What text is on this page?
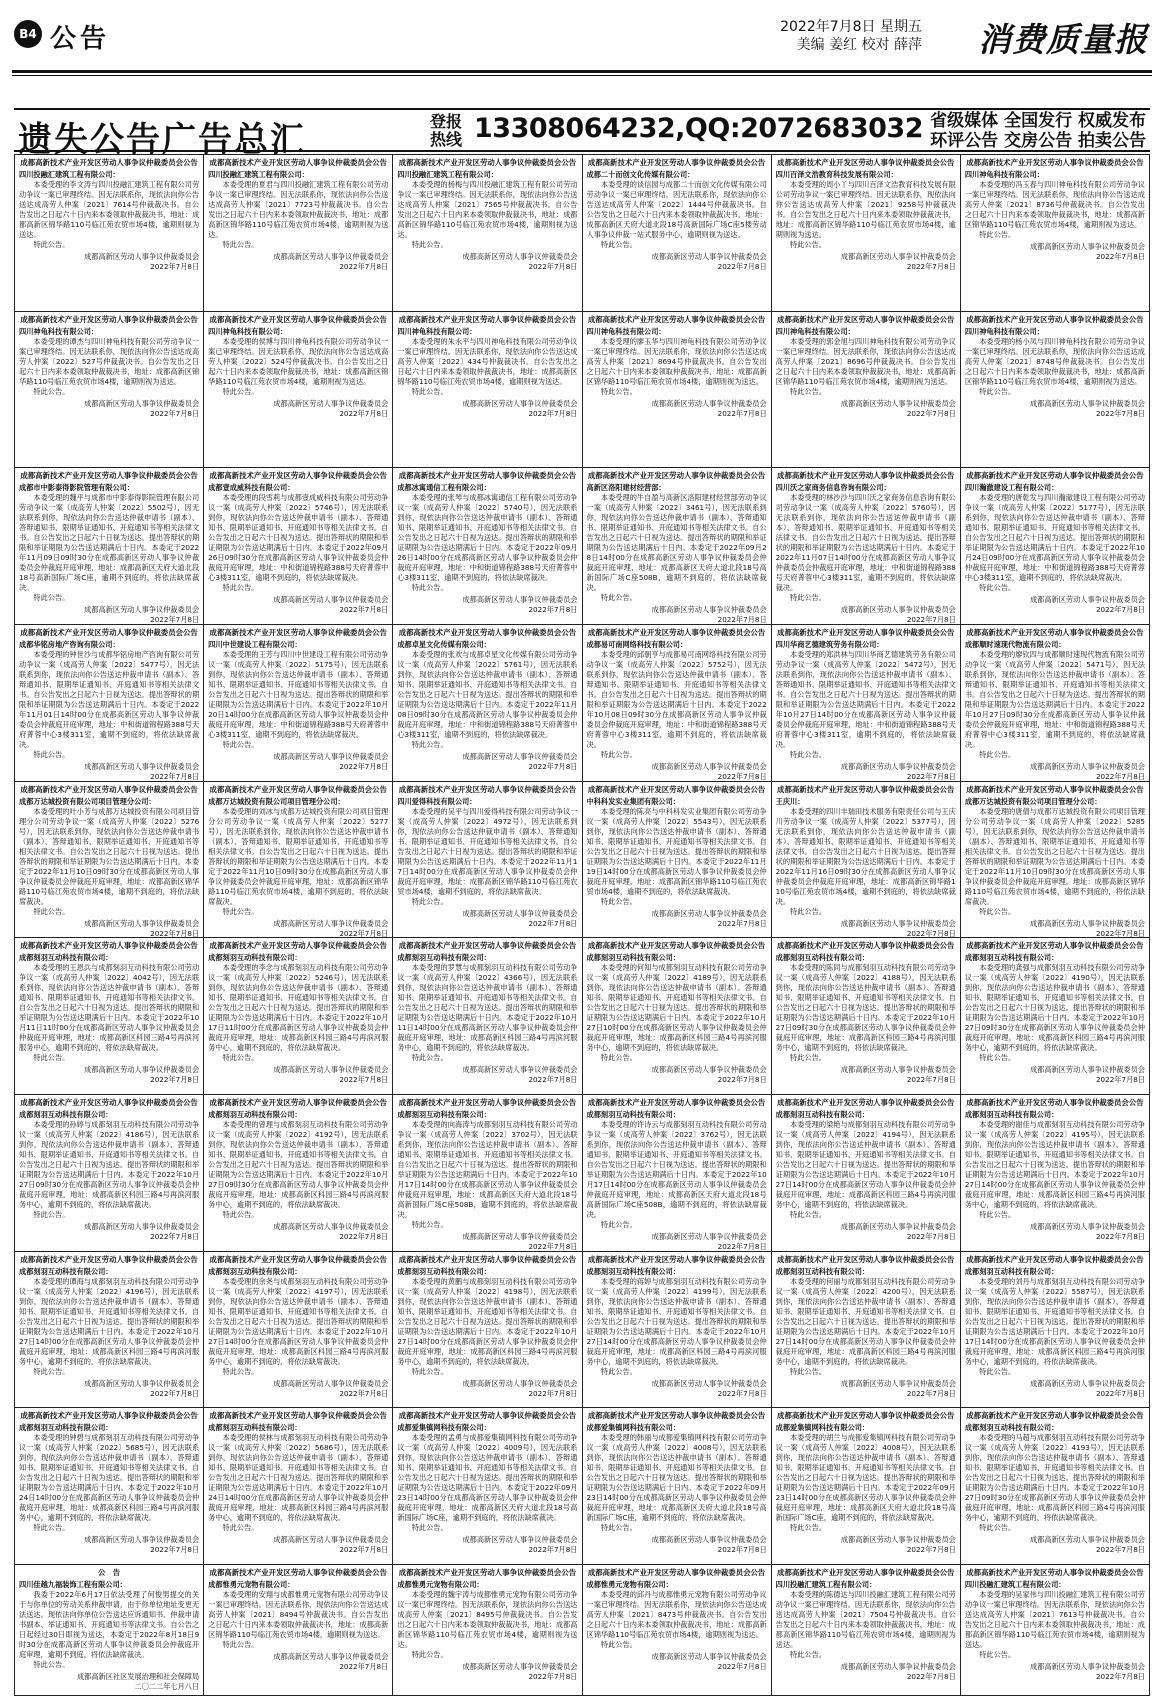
B4 公告	2022年7月8日 星期五
美编 姜红 校对 薛萍 消费质量报
遗失公告广告总汇	登报热线 13308064232,QQ:2072683032 省级媒体 全国发行 权威发布
环评公告 交房公告 拍卖公告
成都高新技术产业开发区劳动人事争议仲裁委员会公告
四川投融汇建筑工程有限公司：
本委受理的李文涛与四川投融汇建筑工程有限公司劳动争议一案已审理终结。因无法联系你，现依法向你公告送达成高劳人仲案〔2021〕7614号仲裁裁决书。自公告发出之日起六十日内来本委领取仲裁裁决书，地址：成都高新区锦华路110号临江苑农贸市场4楼，逾期则视为送达。
特此公告。
成都高新区劳动人事争议仲裁委员会
2022年7月8日
成都高新技术产业开发区劳动人事争议仲裁委员会公告
四川投融汇建筑工程有限公司：
本委受理的夏君与四川投融汇建筑工程有限公司劳动争议一案已审理终结。因无法联系你，现依法向你公告送达成高劳人仲案〔2021〕7723号仲裁裁决书。自公告发出之日起六十日内来本委领取仲裁裁决书，地址：成都高新区锦华路110号临江苑农贸市场4楼，逾期则视为送达。
特此公告。
成都高新区劳动人事争议仲裁委员会
2022年7月8日
成都高新技术产业开发区劳动人事争议仲裁委员会公告
四川投融汇建筑工程有限公司：
本委受理的杨梅与四川投融汇建筑工程有限公司劳动争议一案已审理终结。因无法联系你，现依法向你公告送达成高劳人仲案〔2021〕7565号仲裁裁决书。自公告发出之日起六十日内来本委领取仲裁裁决书，地址：成都高新区锦华路110号临江苑农贸市场4楼，逾期则视为送达。
特此公告。
成都高新区劳动人事争议仲裁委员会
2022年7月8日
成都高新技术产业开发区劳动人事争议仲裁委员会公告
成都二十而创文化传媒有限公司：
本委受理的谈信园与成都二十而创文化传媒有限公司劳动争议一案已审理终结。因无法联系你，现依法向你公告送达成高劳人仲案〔2022〕1444号仲裁裁决书。自公告发出之日起六十日内来本委领取仲裁裁决书，地址：成都高新区天府大道北段18号高新国际广场C座5楼劳动人事争议仲裁一站式服务中心，逾期则视为送达。
特此公告。
成都高新区劳动人事争议仲裁委员会
2022年7月8日
成都高新技术产业开发区劳动人事争议仲裁委员会公告
四川百泽文浩教育科技发展有限公司：
本委受理的周小丫与四川百泽文浩教育科技发展有限公司劳动争议一案已审理终结。因无法联系你，现依法向你公告送达成高劳人仲案〔2021〕9258号仲裁裁决书。自公告发出之日起六十日内来本委领取仲裁裁决书，地址：成都高新区锦华路110号临江苑农贸市场4楼，逾期则视为送达。
特此公告。
成都高新区劳动人事争议仲裁委员会
2022年7月8日
成都高新技术产业开发区劳动人事争议仲裁委员会公告
四川神龟科技有限公司：
本委受理的冯玉春与四川神龟科技有限公司劳动争议一案已审理终结。因无法联系你，现依法向你公告送达成高劳人仲案〔2021〕8736号仲裁裁决书。自公告发出之日起六十日内来本委领取仲裁裁决书，地址：成都高新区锦华路110号临江苑农贸市场4楼，逾期则视为送达。
特此公告。
成都高新区劳动人事争议仲裁委员会
2022年7月8日
成都高新技术产业开发区劳动人事争议仲裁委员会公告
四川神龟科技有限公司：
本委受理的谭杰与四川神龟科技有限公司劳动争议一案已审理终结。因无法联系你，现依法向你公告送达成高劳人仲案〔2022〕527号仲裁裁决书。自公告发出之日起六十日内来本委领取仲裁裁决书，地址：成都高新区锦华路110号临江苑农贸市场4楼，逾期则视为送达。
特此公告。
成都高新区劳动人事争议仲裁委员会
2022年7月8日
成都高新技术产业开发区劳动人事争议仲裁委员会公告
四川神龟科技有限公司：
本委受理的侯博与四川神龟科技有限公司劳动争议一案已审理终结。因无法联系你，现依法向你公告送达成高劳人仲案〔2022〕524号仲裁裁决书。自公告发出之日起六十日内来本委领取仲裁裁决书，地址：成都高新区锦华路110号临江苑农贸市场4楼，逾期则视为送达。
特此公告。
成都高新区劳动人事争议仲裁委员会
2022年7月8日
成都高新技术产业开发区劳动人事争议仲裁委员会公告
四川神龟科技有限公司：
本委受理的朱永平与四川神龟科技有限公司劳动争议一案已审理终结。因无法联系你，现依法向你公告送达成高劳人仲案〔2022〕434号仲裁裁决书。自公告发出之日起六十日内来本委领取仲裁裁决书，地址：成都高新区锦华路110号临江苑农贸市场4楼，逾期则视为送达。
特此公告。
成都高新区劳动人事争议仲裁委员会
2022年7月8日
成都高新技术产业开发区劳动人事争议仲裁委员会公告
四川神龟科技有限公司：
本委受理的廖玉华与四川神龟科技有限公司劳动争议一案已审理终结。因无法联系你，现依法向你公告送达成高劳人仲案〔2021〕8694号仲裁裁决书。自公告发出之日起六十日内来本委领取仲裁裁决书，地址：成都高新区锦华路110号临江苑农贸市场4楼，逾期则视为送达。
特此公告。
成都高新区劳动人事争议仲裁委员会
2022年7月8日
成都高新技术产业开发区劳动人事争议仲裁委员会公告
四川神龟科技有限公司：
本委受理的郭金旭与四川神龟科技有限公司劳动争议一案已审理终结。因无法联系你，现依法向你公告送达成高劳人仲案〔2021〕8696号仲裁裁决书。自公告发出之日起六十日内来本委领取仲裁裁决书，地址：成都高新区锦华路110号临江苑农贸市场4楼，逾期则视为送达。
特此公告。
成都高新区劳动人事争议仲裁委员会
2022年7月8日
成都高新技术产业开发区劳动人事争议仲裁委员会公告
四川神龟科技有限公司：
本委受理的杨小凤与四川神龟科技有限公司劳动争议一案已审理终结。因无法联系你，现依法向你公告送达成高劳人仲案〔2021〕8748号仲裁裁决书。自公告发出之日起六十日内来本委领取仲裁裁决书，地址：成都高新区锦华路110号临江苑农贸市场4楼，逾期则视为送达。
特此公告。
成都高新区劳动人事争议仲裁委员会
2022年7月8日
成都高新技术产业开发区劳动人事争议仲裁委员会公告
成都市中影泰得影院管理有限公司：
本委受理的魏平与成都市中影泰得影院管理有限公司劳动争议一案（成高劳人仲案〔2022〕5502号），因无法联系到你，现依法向你公告送达仲裁申请书（副本）、答辩通知书、限期举证通知书、开庭通知书等相关法律文书。自公告发出之日起六十日视为送达。提出答辩状的期限和举证期限为公告送达期满后十日内。本委定于2022年11月09日09时30分在成都高新区劳动人事争议仲裁委员会仲裁庭开庭审理，地址：成都高新区天府大道北段18号高新国际广场C座，逾期不到庭的，将依法缺席裁决。
特此公告。
成都高新区劳动人事争议仲裁委员会
2022年7月8日
成都高新技术产业开发区劳动人事争议仲裁委员会公告
成都壹成威科技有限公司：
本委受理的段雪莉与成都壹成威科技有限公司劳动争议一案（成高劳人仲案〔2022〕5746号），因无法联系到你，现依法向你公告送达仲裁申请书（副本）、答辩通知书、限期举证通知书、开庭通知书等相关法律文书。自公告发出之日起六十日视为送达。提出答辩状的期限和举证期限为公告送达期满后十日内。本委定于2022年09月26日09时30分在成都高新区劳动人事争议仲裁委员会仲裁庭开庭审理，地址：中和街道锦程路388号天府菁蓉中心3楼311室，逾期不到庭的，将依法缺席裁决。
特此公告。
成都高新区劳动人事争议仲裁委员会
2022年7月8日
成都高新技术产业开发区劳动人事争议仲裁委员会公告
成都冰寓通信工程有限公司：
本委受理的张琴与成都冰寓通信工程有限公司劳动争议一案（成高劳人仲案〔2022〕5740号），因无法联系到你，现依法向你公告送达仲裁申请书（副本）、答辩通知书、限期举证通知书、开庭通知书等相关法律文书。自公告发出之日起六十日视为送达。提出答辩状的期限和举证期限为公告送达期满后十日内。本委定于2022年09月26日14时00分在成都高新区劳动人事争议仲裁委员会仲裁庭开庭审理，地址：中和街道锦程路388号天府菁蓉中心3楼311室，逾期不到庭的，将依法缺席裁决。
特此公告。
成都高新区劳动人事争议仲裁委员会
2022年7月8日
成都高新技术产业开发区劳动人事争议仲裁委员会公告
高新区洛阳建材经营部：
本委受理的牛自盈与高新区洛阳建材经营部劳动争议一案（成高劳人仲案〔2022〕3461号），因无法联系到你，现依法向你公告送达仲裁申请书（副本）、答辩通知书、限期举证通知书、开庭通知书等相关法律文书。自公告发出之日起六十日视为送达。提出答辩状的期限和举证期限为公告送达期满后十日内。本委定于2022年09月28日14时00分在成都高新区劳动人事争议仲裁委员会仲裁庭开庭审理，地址：成都高新区天府大道北段18号高新国际广场C座508B，逾期不到庭的，将依法缺席裁决。
特此公告。
成都高新区劳动人事争议仲裁委员会
2022年7月8日
成都高新技术产业开发区劳动人事争议仲裁委员会公告
四川沃之家商务信息咨询有限公司：
本委受理的林沙沙与四川沃之家商务信息咨询有限公司劳动争议一案（成高劳人仲案〔2022〕5760号），因无法联系到你，现依法向你公告送达仲裁申请书（副本）、答辩通知书、限期举证通知书、开庭通知书等相关法律文书。自公告发出之日起六十日视为送达。提出答辩状的期限和举证期限为公告送达期满后十日内。本委定于2022年11月07日14时00分在成都高新区劳动人事争议仲裁委员会仲裁庭开庭审理，地址：中和街道锦程路388号天府菁蓉中心3楼311室，逾期不到庭的，将依法缺席裁决。
特此公告。
成都高新区劳动人事争议仲裁委员会
2022年7月8日
成都高新技术产业开发区劳动人事争议仲裁委员会公告
四川瀚澈建设工程有限公司：
本委受理的唐乾发与四川瀚澈建设工程有限公司劳动争议一案（成高劳人仲案〔2022〕5177号），因无法联系到你，现依法向你公告送达仲裁申请书（副本）、答辩通知书、限期举证通知书、开庭通知书等相关法律文书。自公告发出之日起六十日视为送达。提出答辩状的期限和举证期限为公告送达期满后十日内。本委定于2022年10月24日09时00分在成都高新区劳动人事争议仲裁委员会仲裁庭开庭审理，地址：中和街道锦程路388号天府菁蓉中心3楼311室，逾期不到庭的，将依法缺席裁决。
特此公告。
成都高新区劳动人事争议仲裁委员会
2022年7月8日
成都高新技术产业开发区劳动人事争议仲裁委员会公告
成都华铭房地产咨询有限公司：
本委受理的钟世沙与成都华铭房地产咨询有限公司劳动争议一案（成高劳人仲案〔2022〕5477号），因无法联系到你，现依法向你公告送达仲裁申请书（副本）、答辩通知书、限期举证通知书、开庭通知书等相关法律文书。自公告发出之日起六十日视为送达。提出答辩状的期限和举证期限为公告送达期满后十日内。本委定于2022年11月01日14时00分在成都高新区劳动人事争议仲裁委员会仲裁庭开庭审理，地址：中和街道锦程路388号天府菁蓉中心3楼311室，逾期不到庭的，将依法缺席裁决。
特此公告。
成都高新区劳动人事争议仲裁委员会
2022年7月8日
成都高新技术产业开发区劳动人事争议仲裁委员会公告
四川中世建设工程有限公司：
本委受理的王芳与四川中世建设工程有限公司劳动争议一案（成高劳人仲案〔2022〕5175号），因无法联系到你，现依法向你公告送达仲裁申请书（副本）、答辩通知书、限期举证通知书、开庭通知书等相关法律文书。自公告发出之日起六十日视为送达。提出答辩状的期限和举证期限为公告送达期满后十日内。本委定于2022年10月20日14时00分在成都高新区劳动人事争议仲裁委员会仲裁庭开庭审理，地址：中和街道锦程路388号天府菁蓉中心3楼311室，逾期不到庭的，将依法缺席裁决。
特此公告。
成都高新区劳动人事争议仲裁委员会
2022年7月8日
成都高新技术产业开发区劳动人事争议仲裁委员会公告
成都卓星文化传媒有限公司：
本委受理的张欢与成都卓星文化传媒有限公司劳动争议一案（成高劳人仲案〔2022〕5761号），因无法联系到你，现依法向你公告送达仲裁申请书（副本）、答辩通知书、限期举证通知书、开庭通知书等相关法律文书。自公告发出之日起六十日视为送达。提出答辩状的期限和举证期限为公告送达期满后十日内。本委定于2022年11月08日09时30分在成都高新区劳动人事争议仲裁委员会仲裁庭开庭审理，地址：中和街道锦程路388号天府菁蓉中心3楼311室，逾期不到庭的，将依法缺席裁决。
特此公告。
成都高新区劳动人事争议仲裁委员会
2022年7月8日
成都高新技术产业开发区劳动人事争议仲裁委员会公告
成都易可南网络科技有限公司：
本委受理的邱朝亨与成都易可南网络科技有限公司劳动争议一案（成高劳人仲案〔2022〕5752号），因无法联系到你，现依法向你公告送达仲裁申请书（副本）、答辩通知书、限期举证通知书、开庭通知书等相关法律文书。自公告发出之日起六十日视为送达。提出答辩状的期限和举证期限为公告送达期满后十日内。本委定于2022年10月08日09时30分在成都高新区劳动人事争议仲裁委员会仲裁庭开庭审理，地址：中和街道锦程路388号天府菁蓉中心3楼311室，逾期不到庭的，将依法缺席裁决。
特此公告。
成都高新区劳动人事争议仲裁委员会
2022年7月8日
成都高新技术产业开发区劳动人事争议仲裁委员会公告
四川华商艺德建筑劳务有限公司：
本委受理的郑洪林与四川华商艺德建筑劳务有限公司劳动争议一案（成高劳人仲案〔2022〕5472号），因无法联系到你，现依法向你公告送达仲裁申请书（副本）、答辩通知书、限期举证通知书、开庭通知书等相关法律文书。自公告发出之日起六十日视为送达。提出答辩状的期限和举证期限为公告送达期满后十日内。本委定于2022年10月27日14时00分在成都高新区劳动人事争议仲裁委员会仲裁庭开庭审理，地址：中和街道锦程路388号天府菁蓉中心3楼311室，逾期不到庭的，将依法缺席裁决。
特此公告。
成都高新区劳动人事争议仲裁委员会
2022年7月8日
成都高新技术产业开发区劳动人事争议仲裁委员会公告
成都顺时速现代物流有限公司：
本委受理的廖钦四与成都顺时速现代物流有限公司劳动争议一案（成高劳人仲案〔2022〕5471号），因无法联系到你，现依法向你公告送达仲裁申请书（副本）、答辩通知书、限期举证通知书、开庭通知书等相关法律文书。自公告发出之日起六十日视为送达。提出答辩状的期限和举证期限为公告送达期满后十日内。本委定于2022年10月27日09时30分在成都高新区劳动人事争议仲裁委员会仲裁庭开庭审理，地址：中和街道锦程路388号天府菁蓉中心3楼311室，逾期不到庭的，将依法缺席裁决。
特此公告。
成都高新区劳动人事争议仲裁委员会
2022年7月8日
成都高新技术产业开发区劳动人事争议仲裁委员会公告
成都万达城投资有限公司项目管理分公司：
本委受理的叶小芳与成都万达城投资有限公司项目管理分公司劳动争议一案（成高劳人仲案〔2022〕5276号），因无法联系到你，现依法向你公告送达仲裁申请书（副本）、答辩通知书、限期举证通知书、开庭通知书等相关法律文书。自公告发出之日起六十日视为送达。提出答辩状的期限和举证期限为公告送达期满后十日内。本委定于2022年11月10日09时30分在成都高新区劳动人事争议仲裁委员会仲裁庭开庭审理，地址：成都高新区锦华路110号临江苑农贸市场4楼，逾期不到庭的，将依法缺席裁决。
特此公告。
成都高新区劳动人事争议仲裁委员会
2022年7月8日
成都高新技术产业开发区劳动人事争议仲裁委员会公告
成都万达城投资有限公司项目管理分公司：
本委受理的刘冰与成都万达城投资有限公司项目管理分公司劳动争议一案（成高劳人仲案〔2022〕5277号），因无法联系到你，现依法向你公告送达仲裁申请书（副本）、答辩通知书、限期举证通知书、开庭通知书等相关法律文书。自公告发出之日起六十日视为送达。提出答辩状的期限和举证期限为公告送达期满后十日内。本委定于2022年11月10日09时30分在成都高新区劳动人事争议仲裁委员会仲裁庭开庭审理，地址：成都高新区锦华路110号临江苑农贸市场4楼，逾期不到庭的，将依法缺席裁决。
特此公告。
成都高新区劳动人事争议仲裁委员会
2022年7月8日
成都高新技术产业开发区劳动人事争议仲裁委员会公告
四川爱得科技有限公司：
本委受理的吴平与四川爱得科技有限公司劳动争议一案（成高劳人仲案〔2022〕4972号），因无法联系到你，现依法向你公告送达仲裁申请书（副本）、答辩通知书、限期举证通知书、开庭通知书等相关法律文书。自公告发出之日起六十日视为送达。提出答辩状的期限和举证期限为公告送达期满后十日内。本委定于2022年11月17日14时00分在成都高新区劳动人事争议仲裁委员会仲裁庭开庭审理，地址：成都高新区锦华路110号临江苑农贸市场4楼，逾期不到庭的，将依法缺席裁决。
特此公告。
成都高新区劳动人事争议仲裁委员会
2022年7月8日
成都高新技术产业开发区劳动人事争议仲裁委员会公告
中科科发实业集团有限公司：
本委受理的陈亮与中科科发实业集团有限公司劳动争议一案（成高劳人仲案〔2022〕5543号），因无法联系到你，现依法向你公告送达仲裁申请书（副本）、答辩通知书、限期举证通知书、开庭通知书等相关法律文书。自公告发出之日起六十日视为送达。提出答辩状的期限和举证期限为公告送达期满后十日内。本委定于2022年11月19日14时00分在成都高新区劳动人事争议仲裁委员会仲裁庭开庭审理，地址：成都高新区锦华路110号临江苑农贸市场4楼，逾期不到庭的，将依法缺席裁决。
特此公告。
成都高新区劳动人事争议仲裁委员会
2022年7月8日
成都高新技术产业开发区劳动人事争议仲裁委员会公告
王庆川：
本委受理的四川丰瑞田技术服务有限责任公司与王庆川劳动争议一案（成高劳人仲案〔2022〕5377号），因无法联系到你，现依法向你公告送达仲裁申请书（副本）、答辩通知书、限期举证通知书、开庭通知书等相关法律文书。自公告发出之日起六十日视为送达。提出答辩状的期限和举证期限为公告送达期满后十日内。本委定于2022年11月16日09时30分在成都高新区劳动人事争议仲裁委员会仲裁庭开庭审理，地址：成都高新区锦华路110号临江苑农贸市场4楼，逾期不到庭的，将依法缺席裁决。
特此公告。
成都高新区劳动人事争议仲裁委员会
2022年7月8日
成都高新技术产业开发区劳动人事争议仲裁委员会公告
成都万达城投资有限公司项目管理分公司：
本委受理的唐倩与成都万达城投资有限公司项目管理分公司劳动争议一案（成高劳人仲案〔2022〕5285号），因无法联系到你，现依法向你公告送达仲裁申请书（副本）、答辩通知书、限期举证通知书、开庭通知书等相关法律文书。自公告发出之日起六十日视为送达。提出答辩状的期限和举证期限为公告送达期满后十日内。本委定于2022年11月10日09时30分在成都高新区劳动人事争议仲裁委员会仲裁庭开庭审理，地址：成都高新区锦华路110号临江苑农贸市场4楼，逾期不到庭的，将依法缺席裁决。
特此公告。
成都高新区劳动人事争议仲裁委员会
2022年7月8日
成都高新技术产业开发区劳动人事争议仲裁委员会公告
成都刻羽互动科技有限公司：
本委受理的王恩兵与成都刻羽互动科技有限公司劳动争议一案（成高劳人仲案〔2022〕4042号），因无法联系到你，现依法向你公告送达仲裁申请书（副本）、答辩通知书、限期举证通知书、开庭通知书等相关法律文书。自公告发出之日起六十日视为送达。提出答辩状的期限和举证期限为公告送达期满后十日内。本委定于2022年10月11日11时00分在成都高新区劳动人事争议仲裁委员会仲裁庭开庭审理，地址：成都高新区科园三路4号再滨河服务中心，逾期不到庭的，将依法缺席裁决。
特此公告。
成都高新区劳动人事争议仲裁委员会
2022年7月8日
成都高新技术产业开发区劳动人事争议仲裁委员会公告
成都刻羽互动科技有限公司：
本委受理的李念与成都刻羽互动科技有限公司劳动争议一案（成高劳人仲案〔2022〕5246号），因无法联系到你，现依法向你公告送达仲裁申请书（副本）、答辩通知书、限期举证通知书、开庭通知书等相关法律文书。自公告发出之日起六十日视为送达。提出答辩状的期限和举证期限为公告送达期满后十日内。本委定于2022年10月17日11时00分在成都高新区劳动人事争议仲裁委员会仲裁庭开庭审理，地址：成都高新区科园三路4号再滨河服务中心，逾期不到庭的，将依法缺席裁决。
特此公告。
成都高新区劳动人事争议仲裁委员会
2022年7月8日
成都高新技术产业开发区劳动人事争议仲裁委员会公告
成都刻羽互动科技有限公司：
本委受理的罗慧与成都刻羽互动科技有限公司劳动争议一案（成高劳人仲案〔2022〕4366号），因无法联系到你，现依法向你公告送达仲裁申请书（副本）、答辩通知书、限期举证通知书、开庭通知书等相关法律文书。自公告发出之日起六十日视为送达。提出答辩状的期限和举证期限为公告送达期满后十日内。本委定于2022年10月11日14时00分在成都高新区劳动人事争议仲裁委员会仲裁庭开庭审理，地址：成都高新区科园三路4号再滨河服务中心，逾期不到庭的，将依法缺席裁决。
特此公告。
成都高新区劳动人事争议仲裁委员会
2022年7月8日
成都高新技术产业开发区劳动人事争议仲裁委员会公告
成都刻羽互动科技有限公司：
本委受理的何知与成都刻羽互动科技有限公司劳动争议一案（成高劳人仲案〔2022〕4189号），因无法联系到你，现依法向你公告送达仲裁申请书（副本）、答辩通知书、限期举证通知书、开庭通知书等相关法律文书。自公告发出之日起六十日视为送达。提出答辩状的期限和举证期限为公告送达期满后十日内。本委定于2022年10月27日10时00分在成都高新区劳动人事争议仲裁委员会仲裁庭开庭审理，地址：成都高新区科园三路4号再滨河服务中心，逾期不到庭的，将依法缺席裁决。
特此公告。
成都高新区劳动人事争议仲裁委员会
2022年7月8日
成都高新技术产业开发区劳动人事争议仲裁委员会公告
成都刻羽互动科技有限公司：
本委受理的陈同与成都刻羽互动科技有限公司劳动争议一案（成高劳人仲案〔2022〕4188号），因无法联系到你，现依法向你公告送达仲裁申请书（副本）、答辩通知书、限期举证通知书、开庭通知书等相关法律文书。自公告发出之日起六十日视为送达。提出答辩状的期限和举证期限为公告送达期满后十日内。本委定于2022年10月27日09时30分在成都高新区劳动人事争议仲裁委员会仲裁庭开庭审理，地址：成都高新区科园三路4号再滨河服务中心，逾期不到庭的，将依法缺席裁决。
特此公告。
成都高新区劳动人事争议仲裁委员会
2022年7月8日
成都高新技术产业开发区劳动人事争议仲裁委员会公告
成都刻羽互动科技有限公司：
本委受理的龚强与成都刻羽互动科技有限公司劳动争议一案（成高劳人仲案〔2022〕4190号），因无法联系到你，现依法向你公告送达仲裁申请书（副本）、答辩通知书、限期举证通知书、开庭通知书等相关法律文书。自公告发出之日起六十日视为送达。提出答辩状的期限和举证期限为公告送达期满后十日内。本委定于2022年10月27日09时30分在成都高新区劳动人事争议仲裁委员会仲裁庭开庭审理，地址：成都高新区科园三路4号再滨河服务中心，逾期不到庭的，将依法缺席裁决。
特此公告。
成都高新区劳动人事争议仲裁委员会
2022年7月8日
成都高新技术产业开发区劳动人事争议仲裁委员会公告
成都刻羽互动科技有限公司：
本委受理的孙婷与成都刻羽互动科技有限公司劳动争议一案（成高劳人仲案〔2022〕4186号），因无法联系到你，现依法向你公告送达仲裁申请书（副本）、答辩通知书、限期举证通知书、开庭通知书等相关法律文书。自公告发出之日起六十日视为送达。提出答辩状的期限和举证期限为公告送达期满后十日内。本委定于2022年10月27日09时30分在成都高新区劳动人事争议仲裁委员会仲裁庭开庭审理，地址：成都高新区科园三路4号再滨河服务中心，逾期不到庭的，将依法缺席裁决。
特此公告。
成都高新区劳动人事争议仲裁委员会
2022年7月8日
成都高新技术产业开发区劳动人事争议仲裁委员会公告
成都刻羽互动科技有限公司：
本委受理的曾理与成都刻羽互动科技有限公司劳动争议一案（成高劳人仲案〔2022〕4192号），因无法联系到你，现依法向你公告送达仲裁申请书（副本）、答辩通知书、限期举证通知书、开庭通知书等相关法律文书。自公告发出之日起六十日视为送达。提出答辩状的期限和举证期限为公告送达期满后十日内。本委定于2022年10月27日09时30分在成都高新区劳动人事争议仲裁委员会仲裁庭开庭审理，地址：成都高新区科园三路4号再滨河服务中心，逾期不到庭的，将依法缺席裁决。
特此公告。
成都高新区劳动人事争议仲裁委员会
2022年7月8日
成都高新技术产业开发区劳动人事争议仲裁委员会公告
成都刻羽互动科技有限公司：
本委受理的向海涛与成都刻羽互动科技有限公司劳动争议一案（成高劳人仲案〔2022〕3702号），因无法联系到你，现依法向你公告送达仲裁申请书（副本）、答辩通知书、限期举证通知书、开庭通知书等相关法律文书。自公告发出之日起六十日视为送达。提出答辩状的期限和举证期限为公告送达期满后十日内。本委定于2022年10月17日14时00分在成都高新区劳动人事争议仲裁委员会仲裁庭开庭审理，地址：成都高新区天府大道北段18号高新国际广场C座508B，逾期不到庭的，将依法缺席裁决。
特此公告。
成都高新区劳动人事争议仲裁委员会
2022年7月8日
成都高新技术产业开发区劳动人事争议仲裁委员会公告
成都刻羽互动科技有限公司：
本委受理的许诗云与成都刻羽互动科技有限公司劳动争议一案（成高劳人仲案〔2022〕3762号），因无法联系到你，现依法向你公告送达仲裁申请书（副本）、答辩通知书、限期举证通知书、开庭通知书等相关法律文书。自公告发出之日起六十日视为送达。提出答辩状的期限和举证期限为公告送达期满后十日内。本委定于2022年10月17日14时00分在成都高新区劳动人事争议仲裁委员会仲裁庭开庭审理，地址：成都高新区天府大道北段18号高新国际广场C座508B，逾期不到庭的，将依法缺席裁决。
特此公告。
成都高新区劳动人事争议仲裁委员会
2022年7月8日
成都高新技术产业开发区劳动人事争议仲裁委员会公告
成都刻羽互动科技有限公司：
本委受理的梁艳与成都刻羽互动科技有限公司劳动争议一案（成高劳人仲案〔2022〕4194号），因无法联系到你，现依法向你公告送达仲裁申请书（副本）、答辩通知书、限期举证通知书、开庭通知书等相关法律文书。自公告发出之日起六十日视为送达。提出答辩状的期限和举证期限为公告送达期满后十日内。本委定于2022年10月27日14时00分在成都高新区劳动人事争议仲裁委员会仲裁庭开庭审理，地址：成都高新区科园三路4号再滨河服务中心，逾期不到庭的，将依法缺席裁决。
特此公告。
成都高新区劳动人事争议仲裁委员会
2022年7月8日
成都高新技术产业开发区劳动人事争议仲裁委员会公告
成都刻羽互动科技有限公司：
本委受理的谢佳与成都刻羽互动科技有限公司劳动争议一案（成高劳人仲案〔2022〕4195号），因无法联系到你，现依法向你公告送达仲裁申请书（副本）、答辩通知书、限期举证通知书、开庭通知书等相关法律文书。自公告发出之日起六十日视为送达。提出答辩状的期限和举证期限为公告送达期满后十日内。本委定于2022年10月27日14时00分在成都高新区劳动人事争议仲裁委员会仲裁庭开庭审理，地址：成都高新区科园三路4号再滨河服务中心，逾期不到庭的，将依法缺席裁决。
特此公告。
成都高新区劳动人事争议仲裁委员会
2022年7月8日
成都高新技术产业开发区劳动人事争议仲裁委员会公告
成都刻羽互动科技有限公司：
本委受理的谭海与成都刻羽互动科技有限公司劳动争议一案（成高劳人仲案〔2022〕4196号），因无法联系到你，现依法向你公告送达仲裁申请书（副本）、答辩通知书、限期举证通知书、开庭通知书等相关法律文书。自公告发出之日起六十日视为送达。提出答辩状的期限和举证期限为公告送达期满后十日内。本委定于2022年10月27日14时00分在成都高新区劳动人事争议仲裁委员会仲裁庭开庭审理，地址：成都高新区科园三路4号再滨河服务中心，逾期不到庭的，将依法缺席裁决。
特此公告。
成都高新区劳动人事争议仲裁委员会
2022年7月8日
成都高新技术产业开发区劳动人事争议仲裁委员会公告
成都刻羽互动科技有限公司：
本委受理的余尧与成都刻羽互动科技有限公司劳动争议一案（成高劳人仲案〔2022〕4197号），因无法联系到你，现依法向你公告送达仲裁申请书（副本）、答辩通知书、限期举证通知书、开庭通知书等相关法律文书。自公告发出之日起六十日视为送达。提出答辩状的期限和举证期限为公告送达期满后十日内。本委定于2022年10月27日14时00分在成都高新区劳动人事争议仲裁委员会仲裁庭开庭审理，地址：成都高新区科园三路4号再滨河服务中心，逾期不到庭的，将依法缺席裁决。
特此公告。
成都高新区劳动人事争议仲裁委员会
2022年7月8日
成都高新技术产业开发区劳动人事争议仲裁委员会公告
成都刻羽互动科技有限公司：
本委受理的黄鹏与成都刻羽互动科技有限公司劳动争议一案（成高劳人仲案〔2022〕4198号），因无法联系到你，现依法向你公告送达仲裁申请书（副本）、答辩通知书、限期举证通知书、开庭通知书等相关法律文书。自公告发出之日起六十日视为送达。提出答辩状的期限和举证期限为公告送达期满后十日内。本委定于2022年10月27日14时00分在成都高新区劳动人事争议仲裁委员会仲裁庭开庭审理，地址：成都高新区科园三路4号再滨河服务中心，逾期不到庭的，将依法缺席裁决。
特此公告。
成都高新区劳动人事争议仲裁委员会
2022年7月8日
成都高新技术产业开发区劳动人事争议仲裁委员会公告
成都刻羽互动科技有限公司：
本委受理的蒋婷与成都刻羽互动科技有限公司劳动争议一案（成高劳人仲案〔2022〕4199号），因无法联系到你，现依法向你公告送达仲裁申请书（副本）、答辩通知书、限期举证通知书、开庭通知书等相关法律文书。自公告发出之日起六十日视为送达。提出答辩状的期限和举证期限为公告送达期满后十日内。本委定于2022年10月27日14时00分在成都高新区劳动人事争议仲裁委员会仲裁庭开庭审理，地址：成都高新区科园三路4号再滨河服务中心，逾期不到庭的，将依法缺席裁决。
特此公告。
成都高新区劳动人事争议仲裁委员会
2022年7月8日
成都高新技术产业开发区劳动人事争议仲裁委员会公告
成都刻羽互动科技有限公司：
本委受理的何丽与成都刻羽互动科技有限公司劳动争议一案（成高劳人仲案〔2022〕4200号），因无法联系到你，现依法向你公告送达仲裁申请书（副本）、答辩通知书、限期举证通知书、开庭通知书等相关法律文书。自公告发出之日起六十日视为送达。提出答辩状的期限和举证期限为公告送达期满后十日内。本委定于2022年10月27日14时00分在成都高新区劳动人事争议仲裁委员会仲裁庭开庭审理，地址：成都高新区科园三路4号再滨河服务中心，逾期不到庭的，将依法缺席裁决。
特此公告。
成都高新区劳动人事争议仲裁委员会
2022年7月8日
成都高新技术产业开发区劳动人事争议仲裁委员会公告
成都刻羽互动科技有限公司：
本委受理的刘丹与成都刻羽互动科技有限公司劳动争议一案（成高劳人仲案〔2022〕5587号），因无法联系到你，现依法向你公告送达仲裁申请书（副本）、答辩通知书、限期举证通知书、开庭通知书等相关法律文书。自公告发出之日起六十日视为送达。提出答辩状的期限和举证期限为公告送达期满后十日内。本委定于2022年10月17日14时00分在成都高新区劳动人事争议仲裁委员会仲裁庭开庭审理，地址：成都高新区科园三路4号再滨河服务中心，逾期不到庭的，将依法缺席裁决。
特此公告。
成都高新区劳动人事争议仲裁委员会
2022年7月8日
成都高新技术产业开发区劳动人事争议仲裁委员会公告
成都刻羽互动科技有限公司：
本委受理的钟碧与成都刻羽互动科技有限公司劳动争议一案（成高劳人仲案〔2022〕5685号），因无法联系到你，现依法向你公告送达仲裁申请书（副本）、答辩通知书、限期举证通知书、开庭通知书等相关法律文书。自公告发出之日起六十日视为送达。提出答辩状的期限和举证期限为公告送达期满后十日内。本委定于2022年10月24日14时00分在成都高新区劳动人事争议仲裁委员会仲裁庭开庭审理，地址：成都高新区科园三路4号再滨河服务中心，逾期不到庭的，将依法缺席裁决。
特此公告。
成都高新区劳动人事争议仲裁委员会
2022年7月8日
成都高新技术产业开发区劳动人事争议仲裁委员会公告
成都刻羽互动科技有限公司：
本委受理的侯林与成都刻羽互动科技有限公司劳动争议一案（成高劳人仲案〔2022〕5686号），因无法联系到你，现依法向你公告送达仲裁申请书（副本）、答辩通知书、限期举证通知书、开庭通知书等相关法律文书。自公告发出之日起六十日视为送达。提出答辩状的期限和举证期限为公告送达期满后十日内。本委定于2022年10月24日14时00分在成都高新区劳动人事争议仲裁委员会仲裁庭开庭审理，地址：成都高新区科园三路4号再滨河服务中心，逾期不到庭的，将依法缺席裁决。
特此公告。
成都高新区劳动人事争议仲裁委员会
2022年7月8日
成都高新技术产业开发区劳动人事争议仲裁委员会公告
成都爱集镇网科技有限公司：
本委受理的孟勇与成都爱集镇网科技有限公司劳动争议一案（成高劳人仲案〔2022〕4009号），因无法联系到你，现依法向你公告送达仲裁申请书（副本）、答辩通知书、限期举证通知书、开庭通知书等相关法律文书。自公告发出之日起六十日视为送达。提出答辩状的期限和举证期限为公告送达期满后十日内。本委定于2022年09月23日14时00分在成都高新区劳动人事争议仲裁委员会仲裁庭开庭审理，地址：成都高新区天府大道北段18号高新国际广场C座，逾期不到庭的，将依法缺席裁决。
特此公告。
成都高新区劳动人事争议仲裁委员会
2022年7月8日
成都高新技术产业开发区劳动人事争议仲裁委员会公告
成都爱集镇网科技有限公司：
本委受理的韩丽与成都爱集镇网科技有限公司劳动争议一案（成高劳人仲案〔2022〕4008号），因无法联系到你，现依法向你公告送达仲裁申请书（副本）、答辩通知书、限期举证通知书、开庭通知书等相关法律文书。自公告发出之日起六十日视为送达。提出答辩状的期限和举证期限为公告送达期满后十日内。本委定于2022年09月23日14时00分在成都高新区劳动人事争议仲裁委员会仲裁庭开庭审理，地址：成都高新区天府大道北段18号高新国际广场C座，逾期不到庭的，将依法缺席裁决。
特此公告。
成都高新区劳动人事争议仲裁委员会
2022年7月8日
成都高新技术产业开发区劳动人事争议仲裁委员会公告
成都爱集镇网科技有限公司：
本委受理的胡兰与成都爱集镇网科技有限公司劳动争议一案（成高劳人仲案〔2022〕4008号），因无法联系到你，现依法向你公告送达仲裁申请书（副本）、答辩通知书、限期举证通知书、开庭通知书等相关法律文书。自公告发出之日起六十日视为送达。提出答辩状的期限和举证期限为公告送达期满后十日内。本委定于2022年09月23日14时00分在成都高新区劳动人事争议仲裁委员会仲裁庭开庭审理，地址：成都高新区天府大道北段18号高新国际广场C座，逾期不到庭的，将依法缺席裁决。
特此公告。
成都高新区劳动人事争议仲裁委员会
2022年7月8日
成都高新技术产业开发区劳动人事争议仲裁委员会公告
成都刻羽互动科技有限公司：
本委受理的马超与成都刻羽互动科技有限公司劳动争议一案（成高劳人仲案〔2022〕4193号），因无法联系到你，现依法向你公告送达仲裁申请书（副本）、答辩通知书、限期举证通知书、开庭通知书等相关法律文书。自公告发出之日起六十日视为送达。提出答辩状的期限和举证期限为公告送达期满后十日内。本委定于2022年10月27日09时30分在成都高新区劳动人事争议仲裁委员会仲裁庭开庭审理，地址：成都高新区科园三路4号再滨河服务中心，逾期不到庭的，将依法缺席裁决。
特此公告。
成都高新区劳动人事争议仲裁委员会
2022年7月8日
公　告
四川佳越九福装饰工程有限公司：
我委于2022年6月17日依法受理了何俊男提交的关于与你单位的劳动关系仲裁申请，由于你单位地址变更无法送达。现依法向你单位公告送达应诉通知书、仲裁申请书副本、举证通知书、开庭通知书等法律文书。自公告之日起经过30日即视为送达，本委定于2022年8月18日9时30分在成都高新区劳动人事争议仲裁委员会仲裁庭开庭审理，逾期不到庭，将依法缺席裁决。
特此公告。
成都高新区社区发展治理和社会保障局
二〇二二年七月八日
成都高新技术产业开发区劳动人事争议仲裁委员会公告
成都惟勇元宠物有限公司：
本委受理的安翔与成都惟勇元宠物有限公司劳动争议一案已审理终结。因无法联系你，现依法向你公告送达成高劳人仲案〔2021〕8494号仲裁裁决书。自公告发出之日起六十日内来本委领取仲裁裁决书，地址：成都高新区锦华路110号临江苑农贸市场4楼，逾期则视为送达。
特此公告。
成都高新区劳动人事争议仲裁委员会
2022年7月8日
成都高新技术产业开发区劳动人事争议仲裁委员会公告
成都惟勇元宠物有限公司：
本委受理的魏宇涛与成都惟勇元宠物有限公司劳动争议一案已审理终结。因无法联系你，现依法向你公告送达成高劳人仲案〔2021〕8495号仲裁裁决书。自公告发出之日起六十日内来本委领取仲裁裁决书，地址：成都高新区锦华路110号临江苑农贸市场4楼，逾期则视为送达。
特此公告。
成都高新区劳动人事争议仲裁委员会
2022年7月8日
成都高新技术产业开发区劳动人事争议仲裁委员会公告
成都惟勇元宠物有限公司：
本委受理的邱丹与成都惟勇元宠物有限公司劳动争议一案已审理终结。因无法联系你，现依法向你公告送达成高劳人仲案〔2021〕8473号仲裁裁决书。自公告发出之日起六十日内来本委领取仲裁裁决书，地址：成都高新区锦华路110号临江苑农贸市场4楼，逾期则视为送达。
特此公告。
成都高新区劳动人事争议仲裁委员会
2022年7月8日
成都高新技术产业开发区劳动人事争议仲裁委员会公告
四川投融汇建筑工程有限公司：
本委受理的陈德达与四川投融汇建筑工程有限公司劳动争议一案已审理终结。因无法联系你，现依法向你公告送达成高劳人仲案〔2021〕7504号仲裁裁决书。自公告发出之日起六十日内来本委领取仲裁裁决书，地址：成都高新区锦华路110号临江苑农贸市场4楼，逾期则视为送达。
特此公告。
成都高新区劳动人事争议仲裁委员会
2022年7月8日
成都高新技术产业开发区劳动人事争议仲裁委员会公告
四川投融汇建筑工程有限公司：
本委受理的吴家伟与四川投融汇建筑工程有限公司劳动争议一案已审理终结。因无法联系你，现依法向你公告送达成高劳人仲案〔2021〕7613号仲裁裁决书。自公告发出之日起六十日内来本委领取仲裁裁决书，地址：成都高新区锦华路110号临江苑农贸市场4楼，逾期则视为送达。
特此公告。
成都高新区劳动人事争议仲裁委员会
2022年7月8日
